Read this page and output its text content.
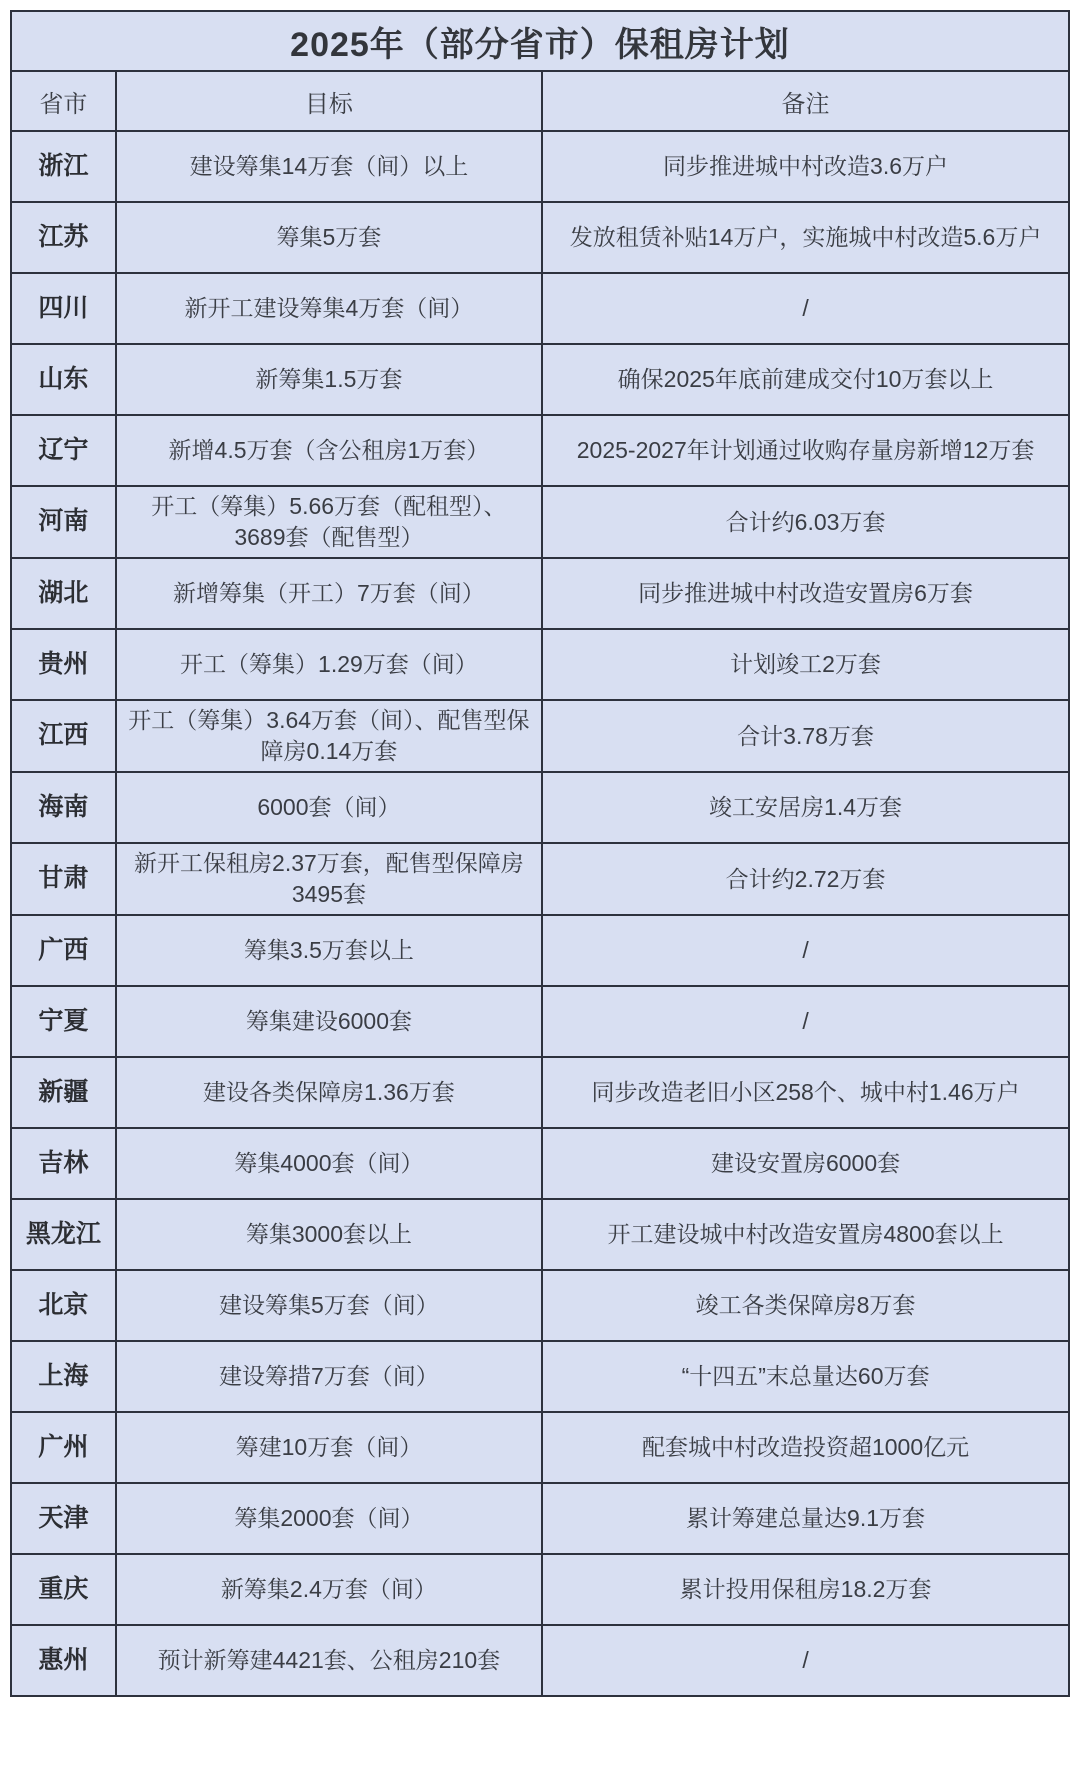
2025年（部分省市）保租房计划		
省市	目标	备注
浙江	建设筹集14万套（间）以上	同步推进城中村改造3.6万户
江苏	筹集5万套	发放租赁补贴14万户，实施城中村改造5.6万户
四川	新开工建设筹集4万套（间）	/
山东	新筹集1.5万套	确保2025年底前建成交付10万套以上
辽宁	新增4.5万套（含公租房1万套）	2025-2027年计划通过收购存量房新增12万套
河南	开工（筹集）5.66万套（配租型）、3689套（配售型）	合计约6.03万套
湖北	新增筹集（开工）7万套（间）	同步推进城中村改造安置房6万套
贵州	开工（筹集）1.29万套（间）	计划竣工2万套
江西	开工（筹集）3.64万套（间）、配售型保障房0.14万套	合计3.78万套
海南	6000套（间）	竣工安居房1.4万套
甘肃	新开工保租房2.37万套，配售型保障房3495套	合计约2.72万套
广西	筹集3.5万套以上	/
宁夏	筹集建设6000套	/
新疆	建设各类保障房1.36万套	同步改造老旧小区258个、城中村1.46万户
吉林	筹集4000套（间）	建设安置房6000套
黑龙江	筹集3000套以上	开工建设城中村改造安置房4800套以上
北京	建设筹集5万套（间）	竣工各类保障房8万套
上海	建设筹措7万套（间）	“十四五”末总量达60万套
广州	筹建10万套（间）	配套城中村改造投资超1000亿元
天津	筹集2000套（间）	累计筹建总量达9.1万套
重庆	新筹集2.4万套（间）	累计投用保租房18.2万套
惠州	预计新筹建4421套、公租房210套	/
